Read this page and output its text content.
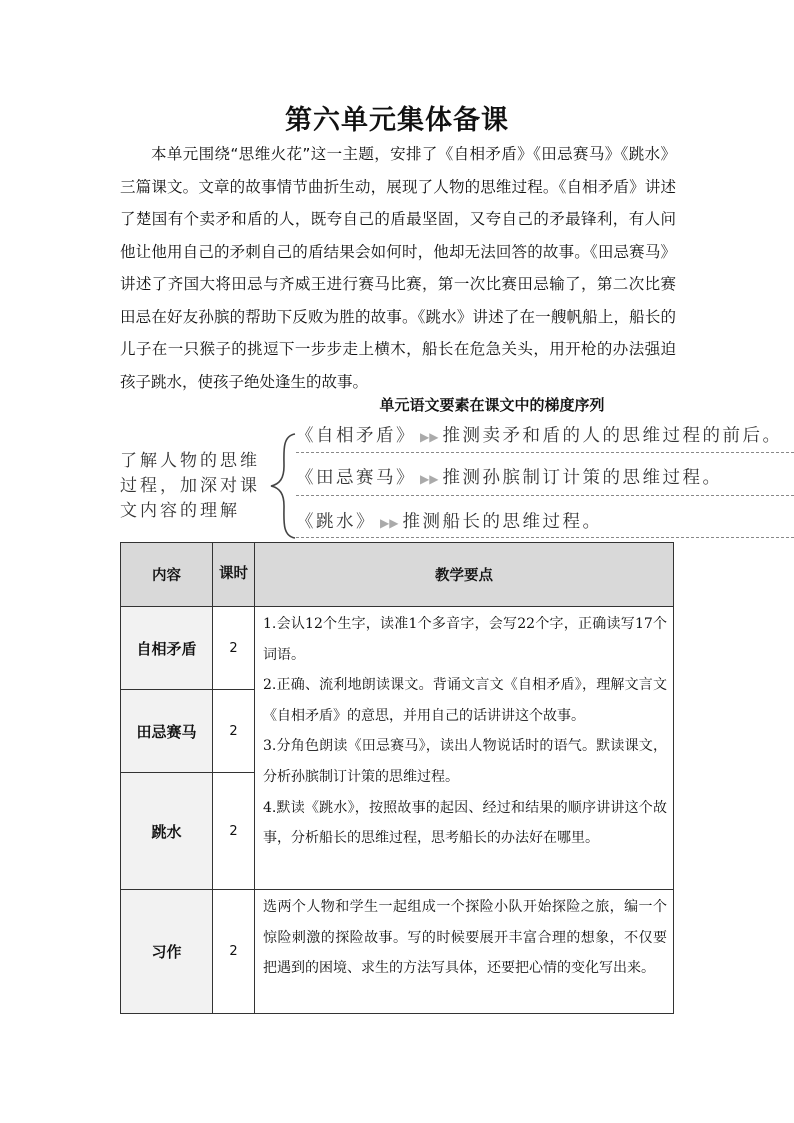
第六单元集体备课

本单元围绕“思维火花”这一主题，安排了《自相矛盾》《田忌赛马》《跳水》三篇课文。文章的故事情节曲折生动，展现了人物的思维过程。《自相矛盾》讲述了楚国有个卖矛和盾的人，既夸自己的盾最坚固，又夸自己的矛最锋利，有人问他让他用自己的矛刺自己的盾结果会如何时，他却无法回答的故事。《田忌赛马》讲述了齐国大将田忌与齐威王进行赛马比赛，第一次比赛田忌输了，第二次比赛田忌在好友孙膑的帮助下反败为胜的故事。《跳水》讲述了在一艘帆船上，船长的儿子在一只猴子的挑逗下一步步走上横木，船长在危急关头，用开枪的办法强迫孩子跳水，使孩子绝处逢生的故事。

单元语文要素在课文中的梯度序列
了解人物的思维过程，加深对课文内容的理解
《自相矛盾》 ▶▶ 推测卖矛和盾的人的思维过程的前后。
《田忌赛马》 ▶▶ 推测孙膑制订计策的思维过程。
《跳水》 ▶▶ 推测船长的思维过程。
内容	课时	教学要点
自相矛盾	2	1.会认12个生字，读准1个多音字，会写22个字，正确读写17个词语。

2.正确、流利地朗读课文。背诵文言文《自相矛盾》，理解文言文《自相矛盾》的意思，并用自己的话讲讲这个故事。

3.分角色朗读《田忌赛马》，读出人物说话时的语气。默读课文，分析孙膑制订计策的思维过程。

4.默读《跳水》，按照故事的起因、经过和结果的顺序讲讲这个故事，分析船长的思维过程，思考船长的办法好在哪里。

田忌赛马	2	
跳水	2	
习作	2	选两个人物和学生一起组成一个探险小队开始探险之旅，编一个惊险刺激的探险故事。写的时候要展开丰富合理的想象，不仅要把遇到的困境、求生的方法写具体，还要把心情的变化写出来。
